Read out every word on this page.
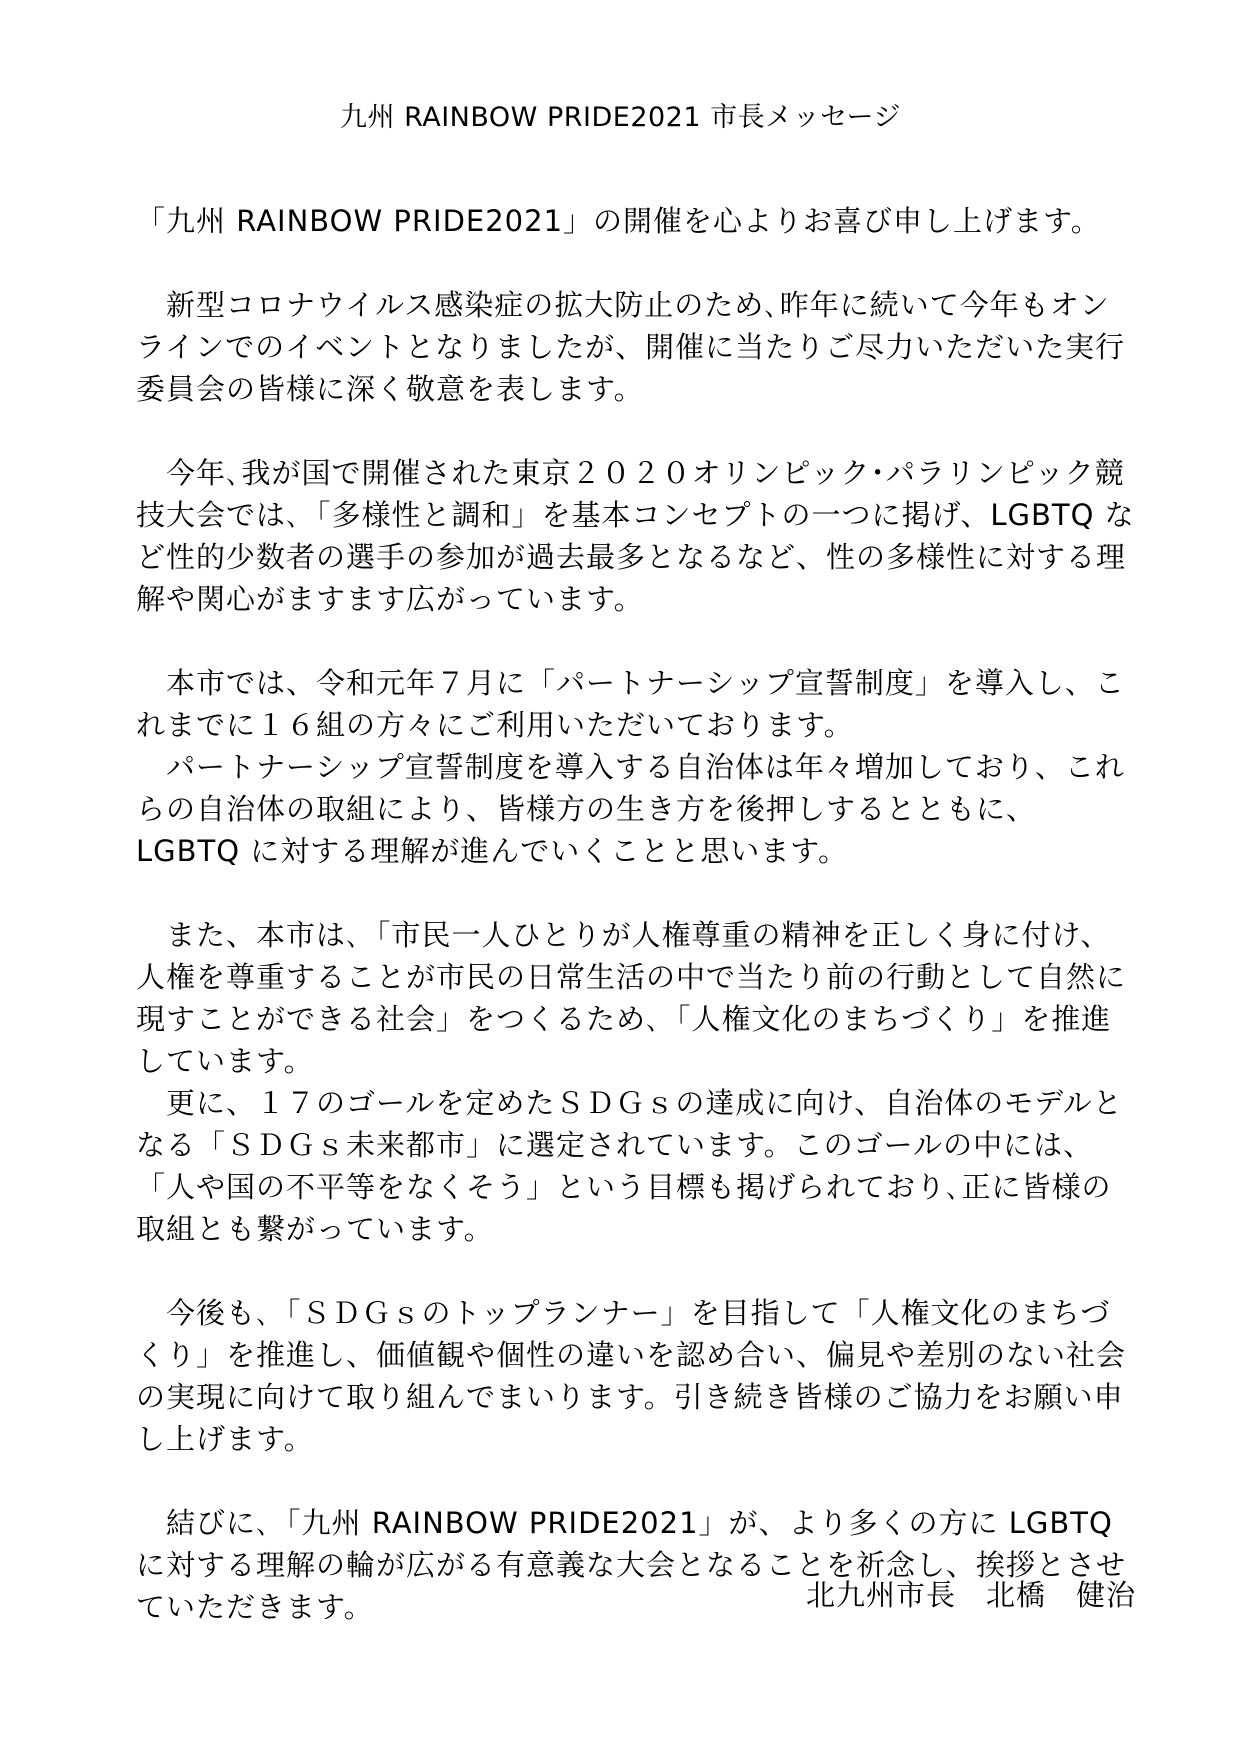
九州 RAINBOW PRIDE2021 市長メッセージ

「九州 RAINBOW PRIDE2021」の開催を心よりお喜び申し上げます。

　新型コロナウイルス感染症の拡大防止のため､昨年に続いて今年もオンラインでのイベントとなりましたが、開催に当たりご尽力いただいた実行委員会の皆様に深く敬意を表します。

　今年､我が国で開催された東京２０２０オリンピック･パラリンピック競技大会では､「多様性と調和」を基本コンセプトの一つに掲げ、LGBTQ など性的少数者の選手の参加が過去最多となるなど、性の多様性に対する理解や関心がますます広がっています。

　本市では、令和元年７月に「パートナーシップ宣誓制度」を導入し、これまでに１６組の方々にご利用いただいております。
　パートナーシップ宣誓制度を導入する自治体は年々増加しており、これらの自治体の取組により、皆様方の生き方を後押しするとともに、LGBTQ に対する理解が進んでいくことと思います。

　また、本市は､「市民一人ひとりが人権尊重の精神を正しく身に付け、人権を尊重することが市民の日常生活の中で当たり前の行動として自然に現すことができる社会」をつくるため､「人権文化のまちづくり」を推進しています。
　更に、１７のゴールを定めたＳＤＧｓの達成に向け、自治体のモデルとなる「ＳＤＧｓ未来都市」に選定されています。このゴールの中には、「人や国の不平等をなくそう」という目標も掲げられており､正に皆様の取組とも繋がっています。

　今後も､「ＳＤＧｓのトップランナー」を目指して「人権文化のまちづくり」を推進し、価値観や個性の違いを認め合い、偏見や差別のない社会の実現に向けて取り組んでまいります。引き続き皆様のご協力をお願い申し上げます。

　結びに､「九州 RAINBOW PRIDE2021」が、より多くの方に LGBTQ に対する理解の輪が広がる有意義な大会となることを祈念し、挨拶とさせていただきます。	北九州市長　北橋　健治
